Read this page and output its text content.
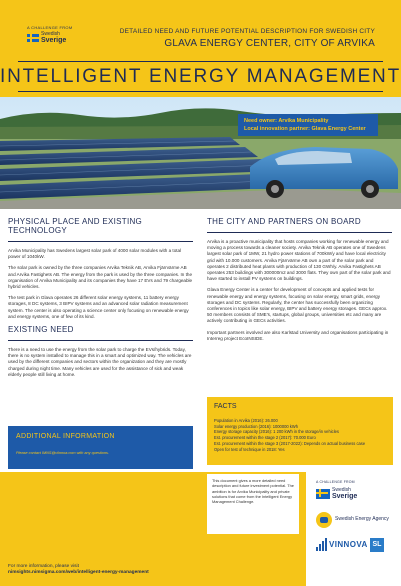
A CHALLENGE FROM
Swedish
Sverige
DETAILED NEED AND FUTURE POTENTIAL DESCRIPTION FOR SWEDISH CITY
GLAVA ENERGY CENTER, CITY OF ARVIKA
INTELLIGENT ENERGY MANAGEMENT
Need owner: Arvika Municipality
Local innovation partner: Glava Energy Center
PHYSICAL PLACE AND EXISTING TECHNOLOGY

Arvika Municipality has Swedens largest solar park of 4000 solar modules with a total power of 1040kW.

The solar park is owned by the three companies Arvika Teknik AB, Arvika Fjärrvärme AB and Arvika Fastighets AB. The energy from the park is used by the three companies. In the organisation of Arvika Municipality and its companies they have 17 EVs and 79 chargeable hybrid vehicles.

The test park in Glava operates 26 different solar energy systems, 11 battery energy storages, 8 DC systems, 3 BIPV systems and an advanced solar radiation measurement system. The center is also operating a science center only focusing on renewable energy and energy systems, one of few of its kind.

EXISTING NEED

There is a need to use the energy from the solar park to charge the EVs/hybrids. Today, there is no system installed to manage this in a smart and optimized way. The vehicles are used by the different companies and sectors within the organization and they are mostly charged during night time. Many vehicles are used for the assistance of sick and weak elderly people still living at home.

THE CITY AND PARTNERS ON BOARD

Arvika is a proactive municipality that hosts companies working for renewable energy and moving a process towards a cleaner society. Arvika Teknik AB operates one of Swedens largest solar park of 1MW, 21 hydro power stations of 700kW/y and have local electricity grid with 10.000 customers. Arvika Fjärrvärme AB own a part of the solar park and operates 2 distributed heat plants with production of 130 GWh/y. Arvika Fastighets AB operates 253 buildings with 300000m2 and 3000 flats. They own part of the solar park and have started to install PV systems on buildings.

Glava Energy Center is a center for development of concepts and applied tests for renewable energy and energy systems, focusing on solar energy, smart grids, energy storages and DC systems. Regularly, the center has successfully been organizing conferences in topics like solar energy, BIPV and battery energy storages. GECs approx. 50 members consists of SME's, startups, global groups, universities etc and many are actively contributing in GECs activities.

Important partners involved are also Karlstad University and organisations participating in Interreg project EcoINSIDE.

FACTS
Population in Arvika (2016): 26.000
Solar energy production (2016): 1000000 kWh
Energy storage capacity (2016): 1 200 kWh in the storage/in vehicles
Est. procurement within the stage 2 (2017): 70.000 Euro
Est. procurement within the stage 3 (2017-2022): Depends on actual business case
Open for test of technique in 2018: Yes
ADDITIONAL INFORMATION
Please contact IMNS@viinnoa.com with any questions.
This document gives a more detailed need description and future investment potential. The ambition is for Arvika Municipality and private solutions that come from the Intelligent Energy Management Challenge.
For more information, please visit
nimsights.nimsigma.com/web/intelligent-energy-management
A CHALLENGE FROM
Swedish
Sverige
Swedish Energy Agency
VINNOVA SL
